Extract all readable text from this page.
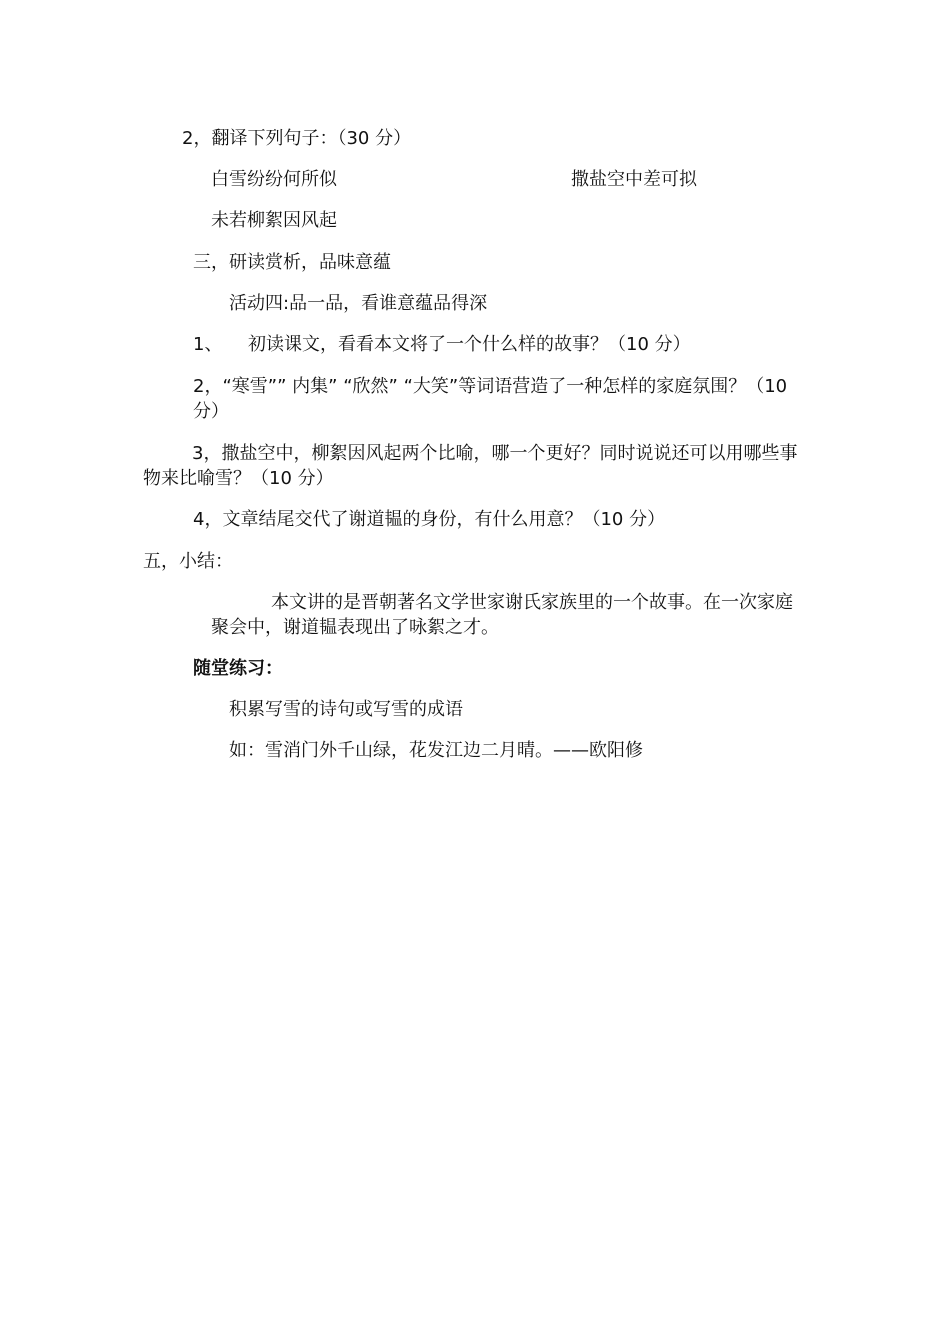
2，翻译下列句子：（30 分）
白雪纷纷何所似	撒盐空中差可拟
未若柳絮因风起
三，研读赏析，品味意蕴
活动四:品一品，看谁意蕴品得深
1、 初读课文，看看本文将了一个什么样的故事？（10 分）
2，“寒雪”” 内集” “欣然” “大笑”等词语营造了一种怎样的家庭氛围？（10 分）
3，撒盐空中，柳絮因风起两个比喻，哪一个更好？同时说说还可以用哪些事物来比喻雪？（10 分）
4，文章结尾交代了谢道韫的身份，有什么用意？（10 分）
五，小结：
本文讲的是晋朝著名文学世家谢氏家族里的一个故事。在一次家庭聚会中，谢道韫表现出了咏絮之才。
随堂练习：
积累写雪的诗句或写雪的成语
如：雪消门外千山绿，花发江边二月晴。——欧阳修
